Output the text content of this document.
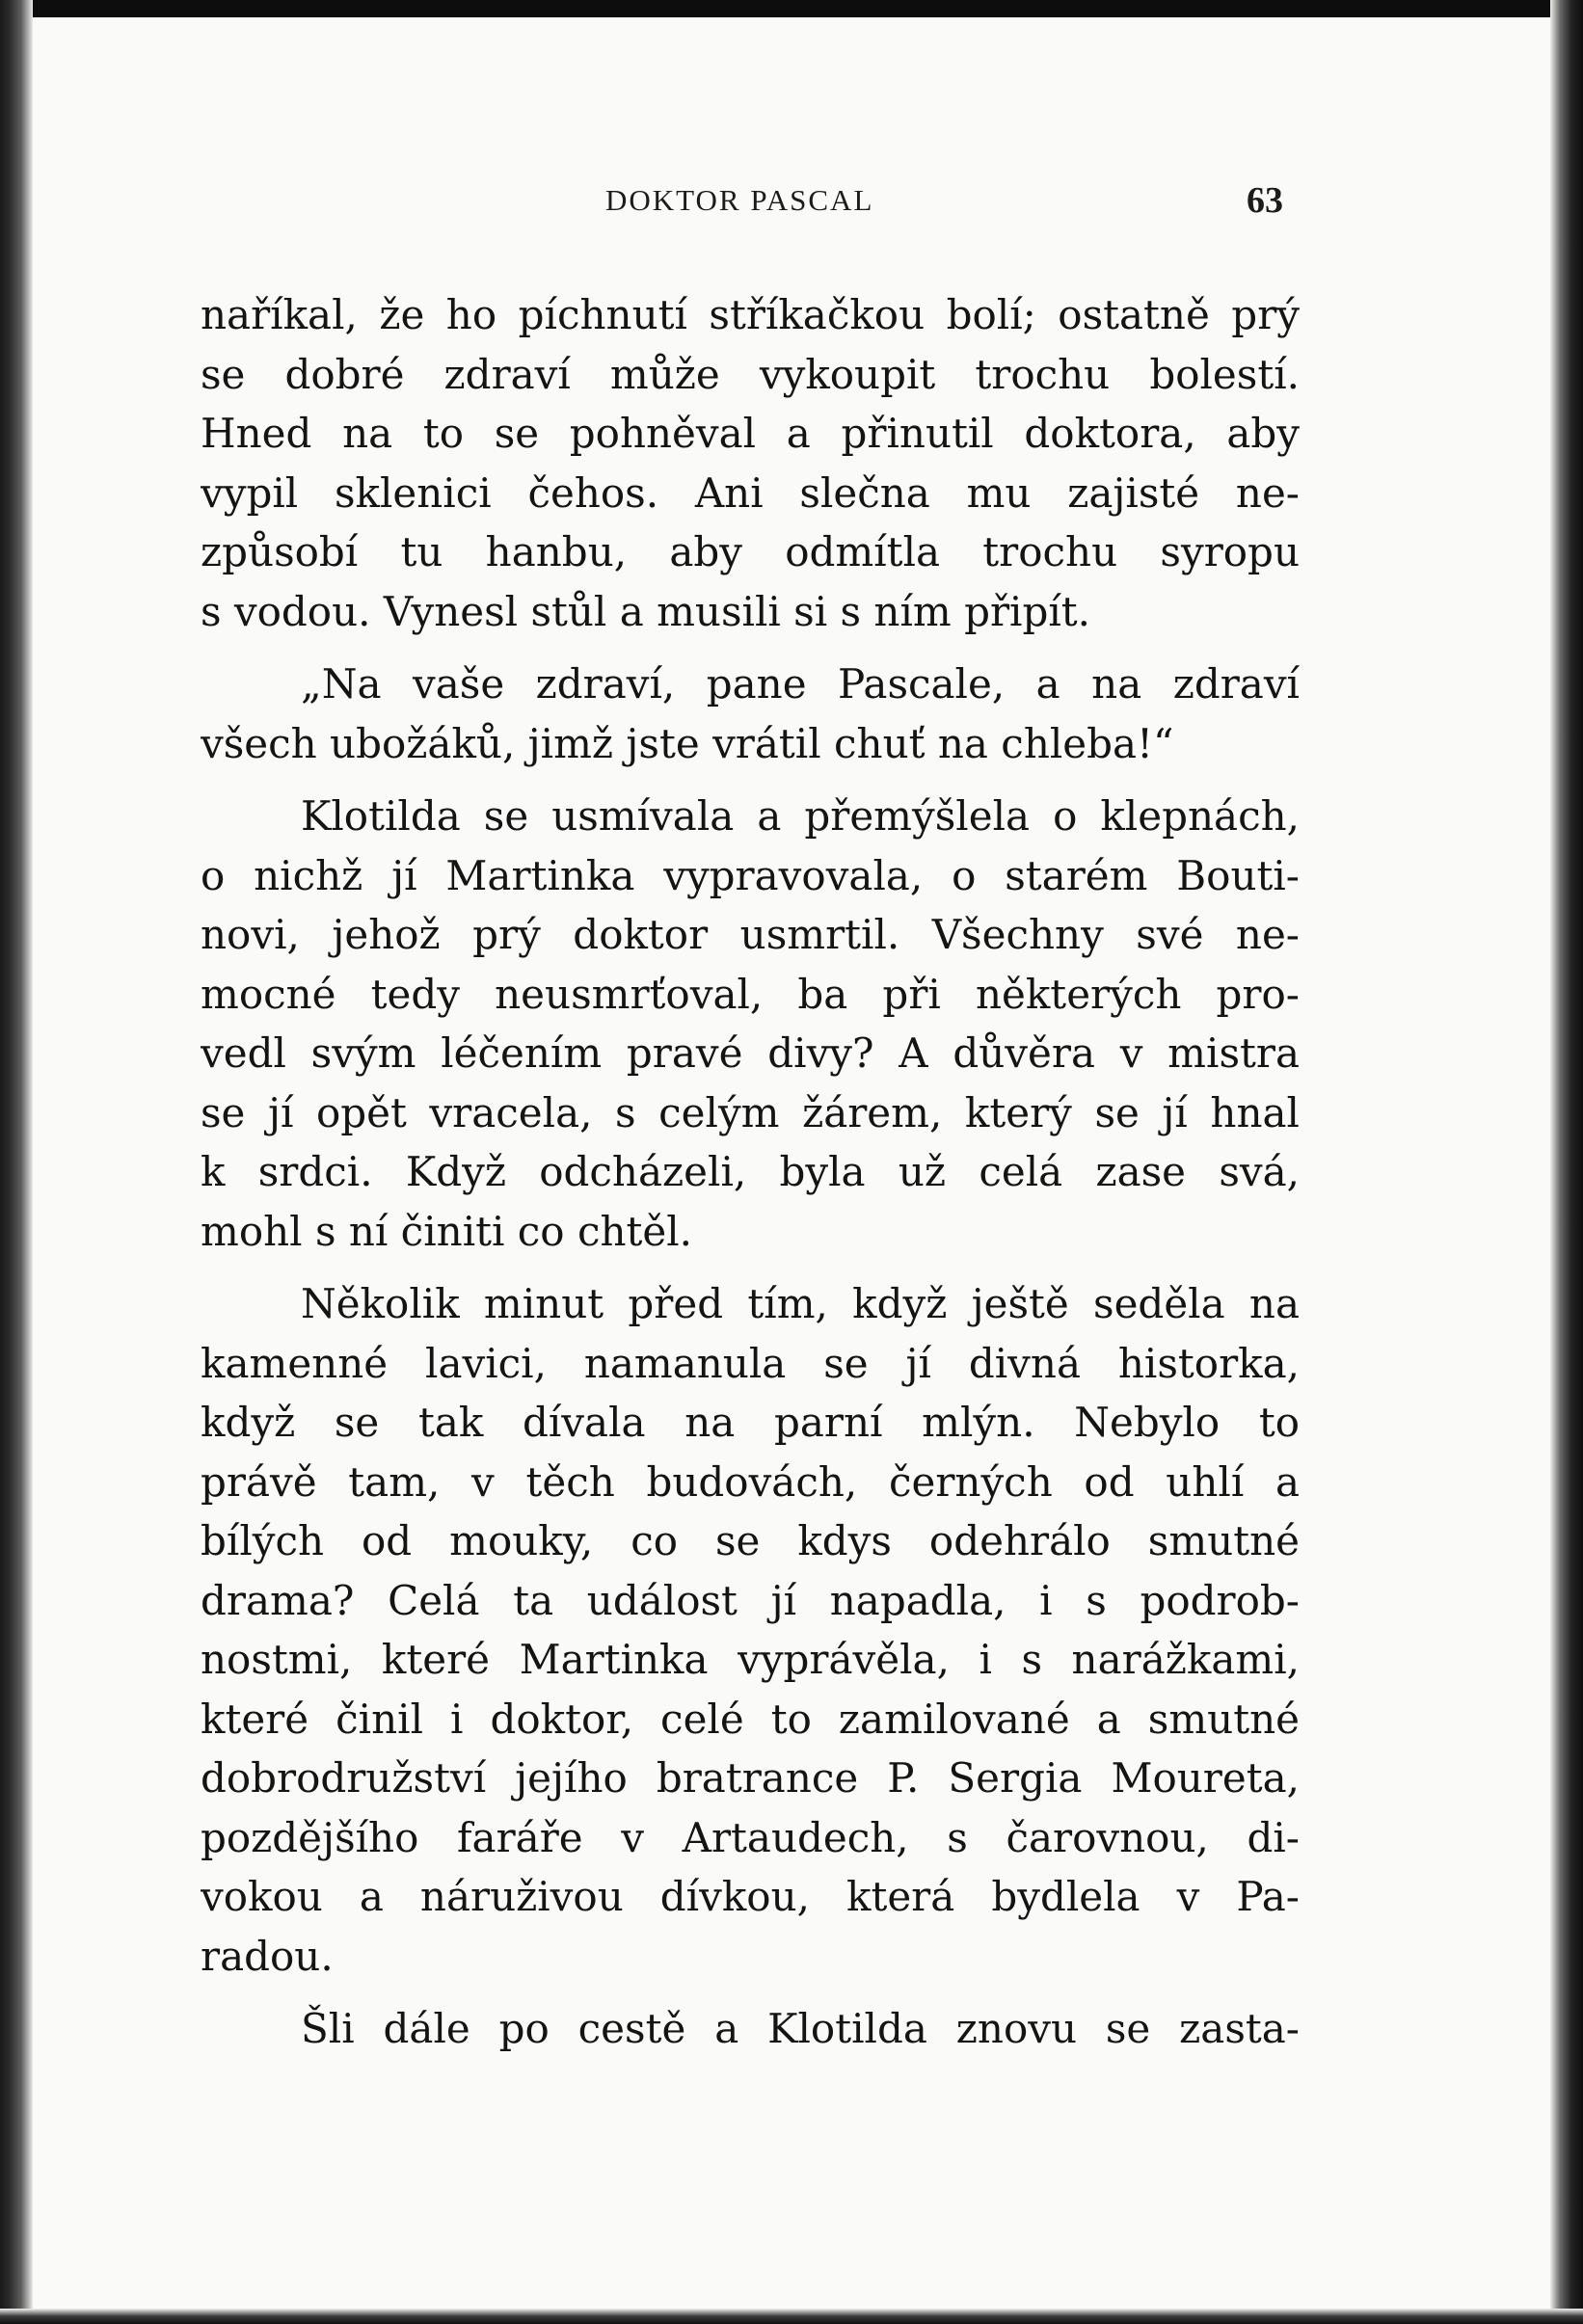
DOKTOR PASCAL	63
naříkal, že ho píchnutí stříkačkou bolí; ostatně prý
se dobré zdraví může vykoupit trochu bolestí.
Hned na to se pohněval a přinutil doktora, aby
vypil sklenici čehos. Ani slečna mu zajisté ne-
způsobí tu hanbu, aby odmítla trochu syropu
s vodou. Vynesl stůl a musili si s ním připít.
„Na vaše zdraví, pane Pascale, a na zdraví
všech ubožáků, jimž jste vrátil chuť na chleba!“
Klotilda se usmívala a přemýšlela o klepnách,
o nichž jí Martinka vypravovala, o starém Bouti-
novi, jehož prý doktor usmrtil. Všechny své ne-
mocné tedy neusmrťoval, ba při některých pro-
vedl svým léčením pravé divy? A důvěra v mistra
se jí opět vracela, s celým žárem, který se jí hnal
k srdci. Když odcházeli, byla už celá zase svá,
mohl s ní činiti co chtěl.
Několik minut před tím, když ještě seděla na
kamenné lavici, namanula se jí divná historka,
když se tak dívala na parní mlýn. Nebylo to
právě tam, v těch budovách, černých od uhlí a
bílých od mouky, co se kdys odehrálo smutné
drama? Celá ta událost jí napadla, i s podrob-
nostmi, které Martinka vyprávěla, i s narážkami,
které činil i doktor, celé to zamilované a smutné
dobrodružství jejího bratrance P. Sergia Moureta,
pozdějšího faráře v Artaudech, s čarovnou, di-
vokou a náruživou dívkou, která bydlela v Pa-
radou.
Šli dále po cestě a Klotilda znovu se zasta-
